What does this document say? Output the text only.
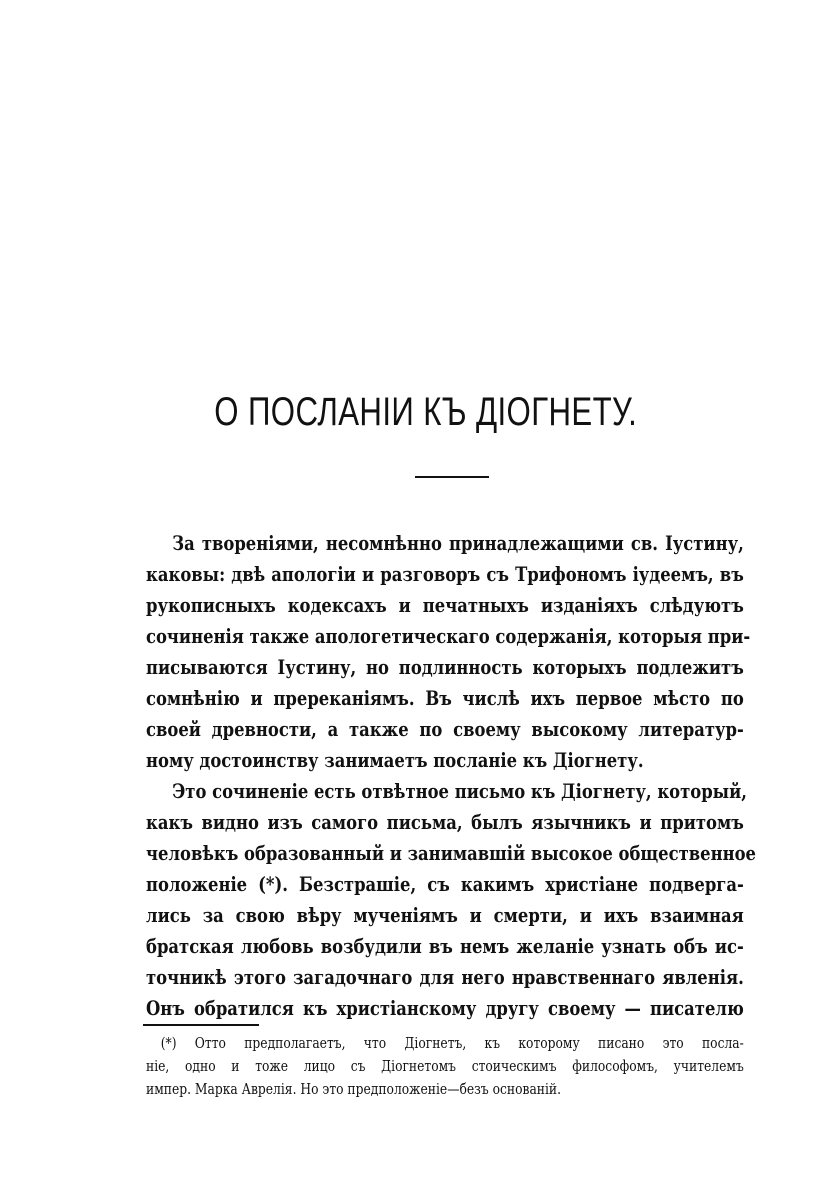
О ПОСЛАНІИ КЪ ДІОГНЕТУ.
За твореніями, несомнѣнно принадлежащими св. Іустину,
каковы: двѣ апологіи и разговоръ съ Трифономъ іудеемъ, въ
рукописныхъ кодексахъ и печатныхъ изданіяхъ слѣдуютъ
сочиненія также апологетическаго содержанія, которыя при-
писываются Іустину, но подлинность которыхъ подлежитъ
сомнѣнію и пререканіямъ. Въ числѣ ихъ первое мѣсто по
своей древности, а также по своему высокому литератур-
ному достоинству занимаетъ посланіе къ Діогнету.
Это сочиненіе есть отвѣтное письмо къ Діогнету, который,
какъ видно изъ самого письма, былъ язычникъ и притомъ
человѣкъ образованный и занимавшій высокое общественное
положеніе (*). Безстрашіе, съ какимъ христіане подверга-
лись за свою вѣру мученіямъ и смерти, и ихъ взаимная
братская любовь возбудили въ немъ желаніе узнать объ ис-
точникѣ этого загадочнаго для него нравственнаго явленія.
Онъ обратился къ христіанскому другу своему — писателю
(*) Отто предполагаетъ, что Діогнетъ, къ которому писано это посла-
ніе, одно и тоже лицо съ Діогнетомъ стоическимъ философомъ, учителемъ
импер. Марка Аврелія. Но это предположеніе—безъ основаній.
